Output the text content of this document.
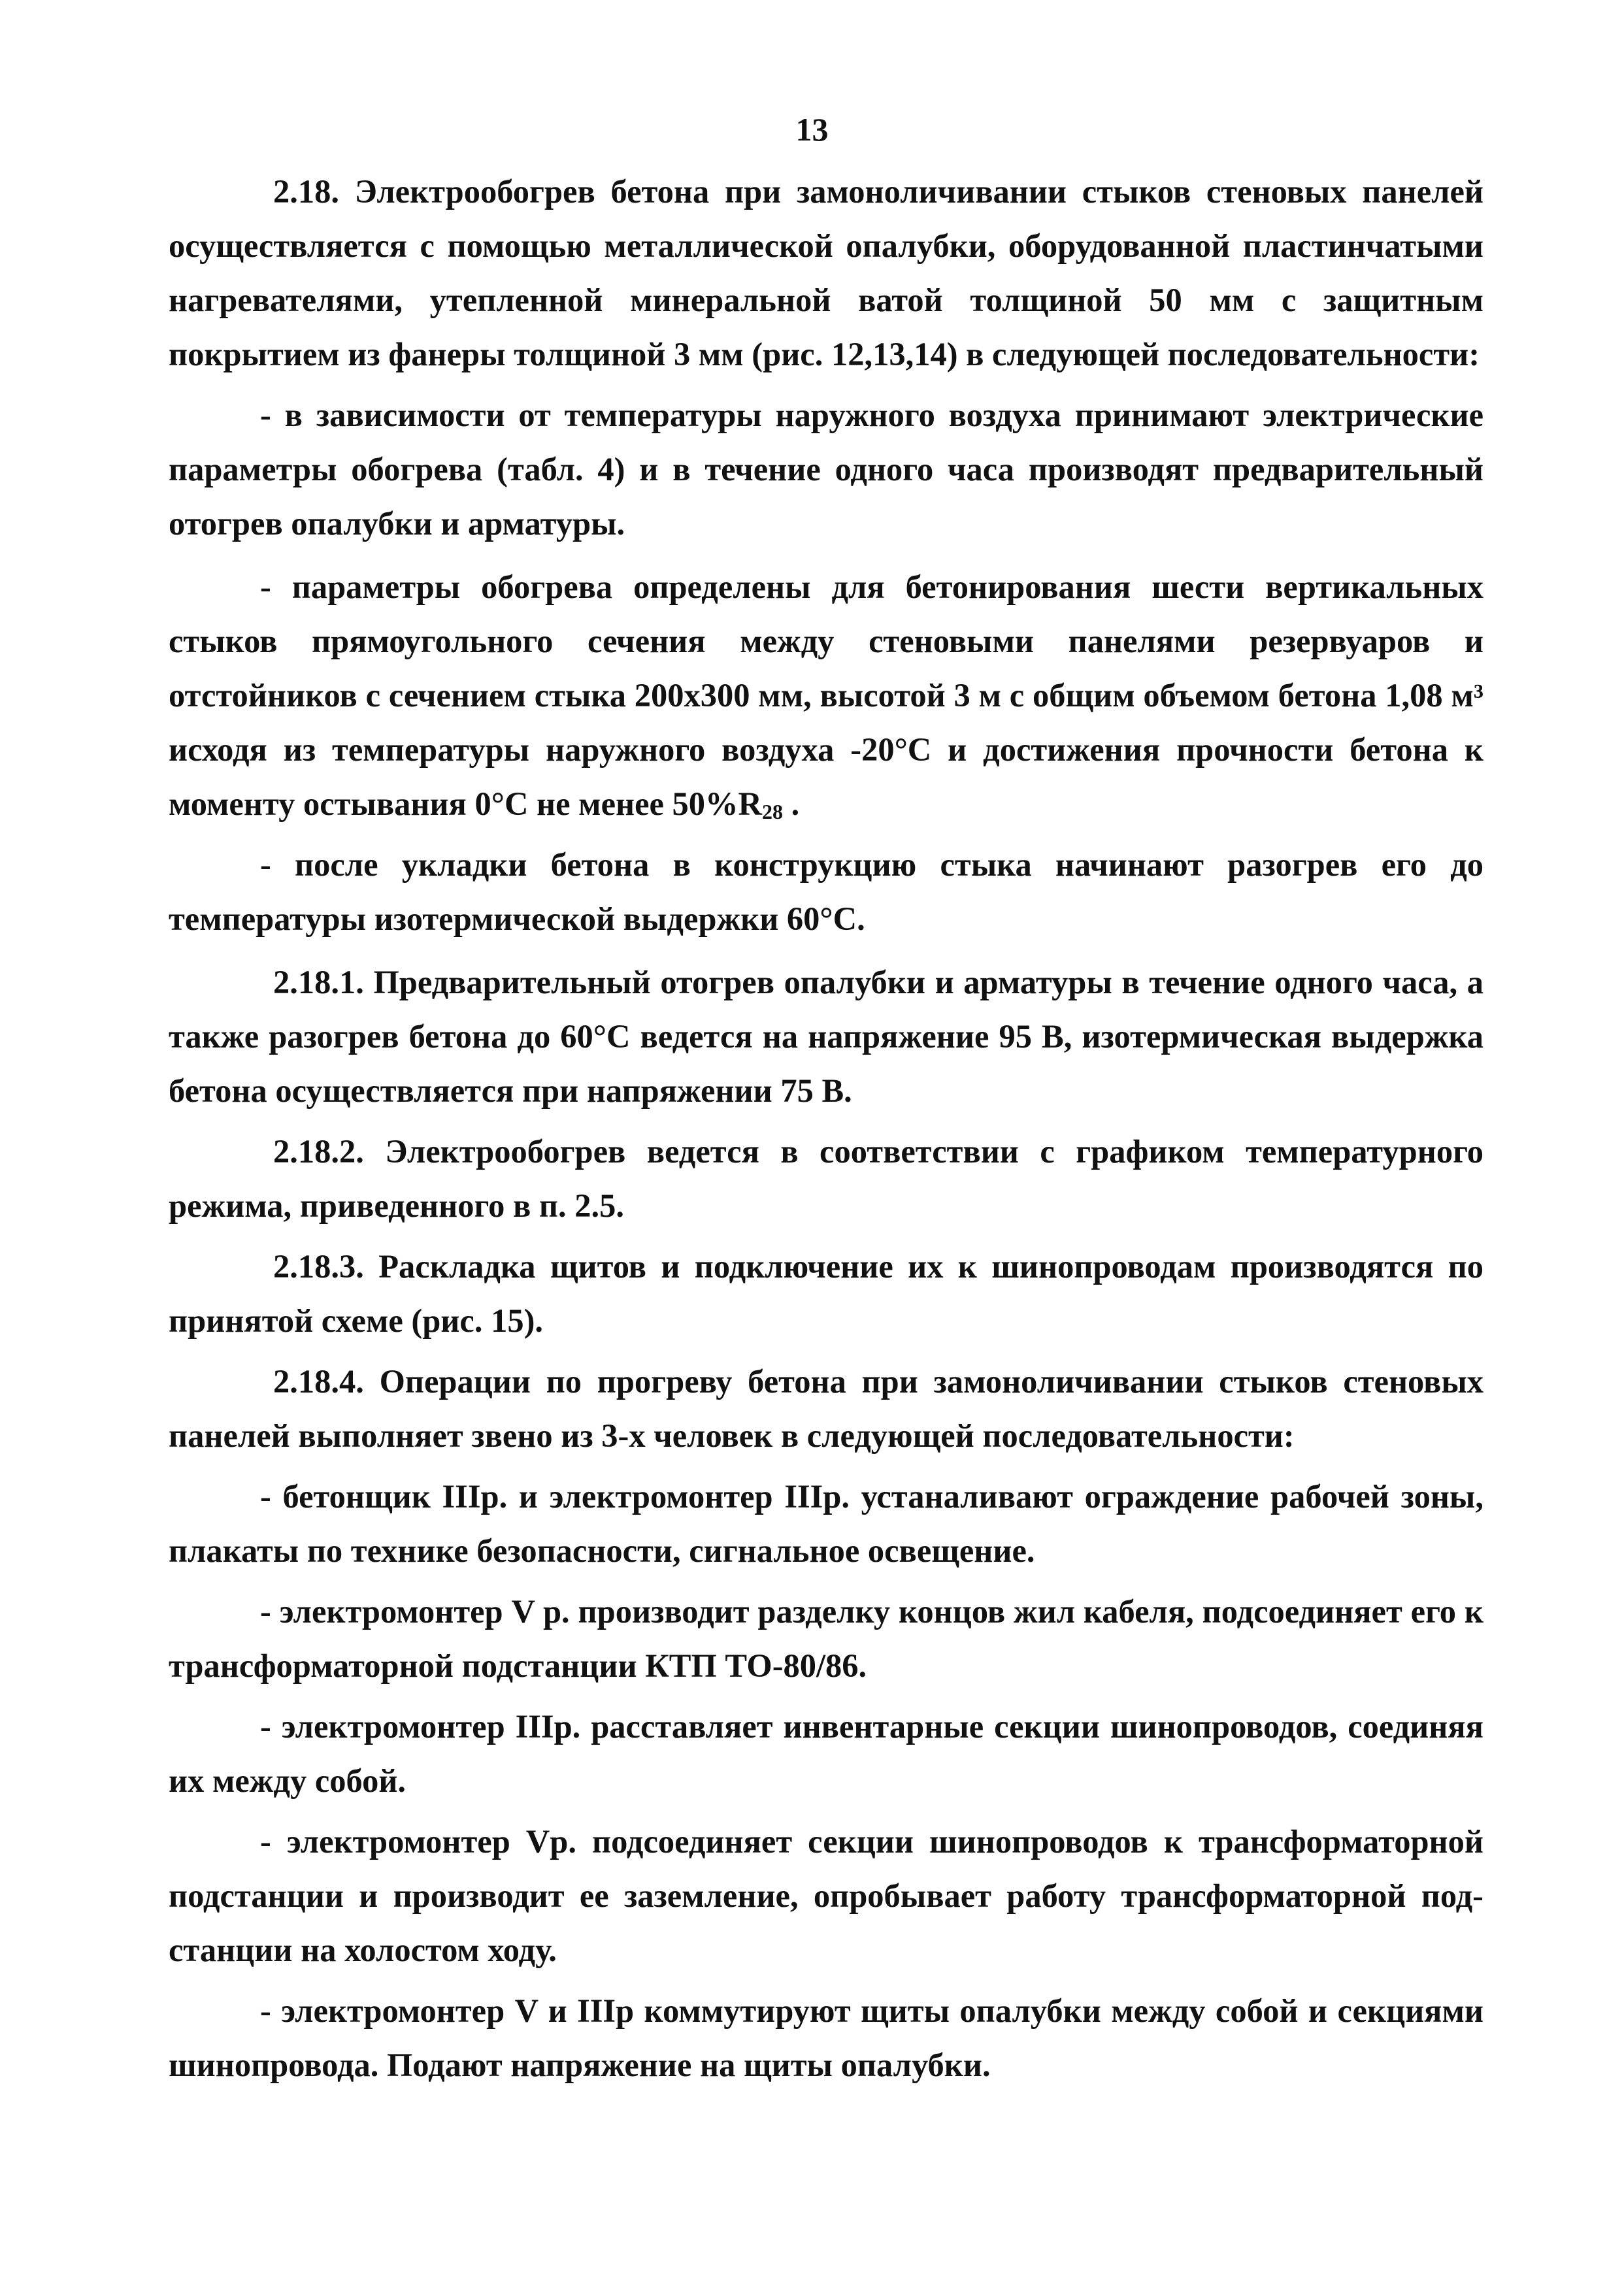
13

2.18. Электрообогрев бетона при замоноличивании стыков стеновых панелей осуществляется с помощью металлической опалубки, оборудованной пластинчатыми нагревателями, утепленной минеральной ватой толщиной 50 мм с защитным покрытием из фанеры толщиной 3 мм (рис. 12,13,14) в следующей последовательности:

- в зависимости от температуры наружного воздуха принимают электрические параметры обогрева (табл. 4) и в течение одного часа производят предварительный отогрев опалубки и арматуры.

- параметры обогрева определены для бетонирования шести вертикальных стыков прямоугольного сечения между стеновыми панелями резервуаров и отстойников с сечением стыка 200х300 мм, высотой 3 м с общим объемом бетона 1,08 м³ исходя из температуры наружного воздуха -20°С и достижения прочности бетона к моменту остывания 0°С не менее $50\%R_{28}$ .

- после укладки бетона в конструкцию стыка начинают разогрев его до температуры изотермической выдержки 60°С.

2.18.1. Предварительный отогрев опалубки и арматуры в течение одного часа, а также разогрев бетона до 60°С ведется на напряжение 95 В, изотермическая выдержка бетона осуществляется при напряжении 75 В.

2.18.2. Электрообогрев ведется в соответствии с графиком температурного режима, приведенного в п. 2.5.

2.18.3. Раскладка щитов и подключение их к шинопроводам производятся по принятой схеме (рис. 15).

2.18.4. Операции по прогреву бетона при замоноличивании стыков стеновых панелей выполняет звено из 3-х человек в следующей последовательности:

- бетонщик IIIр. и электромонтер IIIр. устаналивают ограждение рабочей зоны, плакаты по технике безопасности, сигнальное освещение.

- электромонтер V р. производит разделку концов жил кабеля, подсоединяет его к трансформаторной подстанции КТП ТО-80/86.

- электромонтер IIIр. расставляет инвентарные секции шинопроводов, соединяя их между собой.

- электромонтер Vр. подсоединяет секции шинопроводов к трансформаторной подстанции и производит ее заземление, опробывает работу трансформаторной подстанции на холостом ходу.

- электромонтер V и IIIр коммутируют щиты опалубки между собой и секциями шинопровода. Подают напряжение на щиты опалубки.
